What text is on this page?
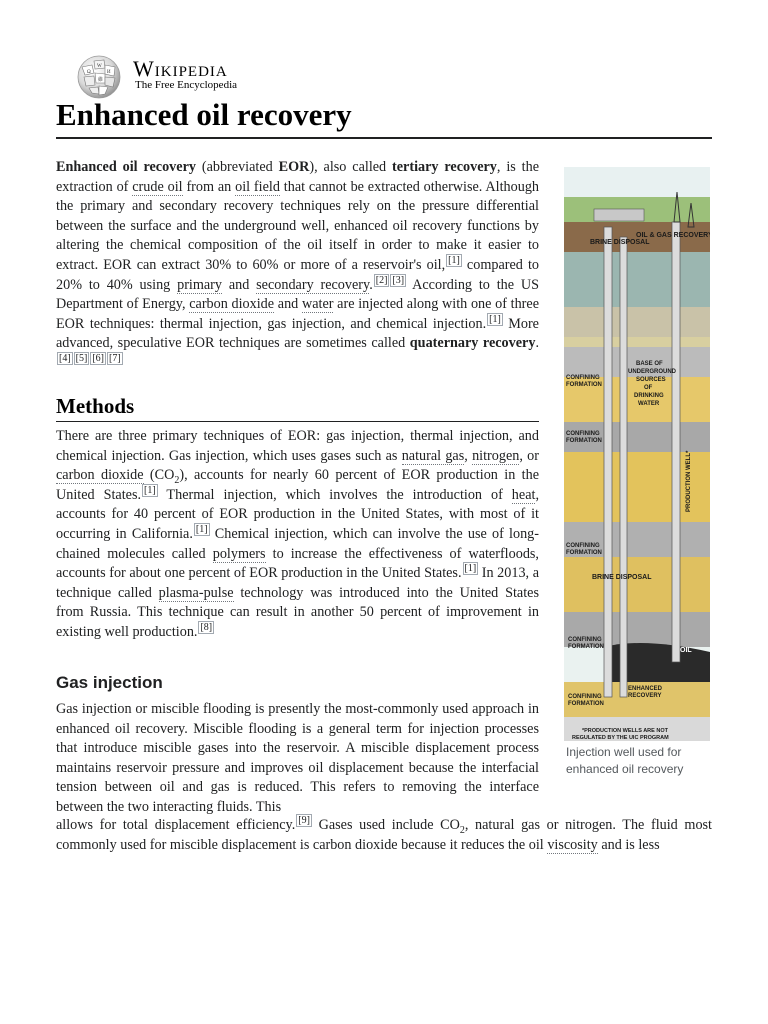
Ω
W
И
維 Wikipedia
The Free Encyclopedia
Enhanced oil recovery

Enhanced oil recovery (abbreviated EOR), also called tertiary recovery, is the extraction of crude oil from an oil field that cannot be extracted otherwise. Although the primary and secondary recovery techniques rely on the pressure differential between the surface and the underground well, enhanced oil recovery functions by altering the chemical composition of the oil itself in order to make it easier to extract. EOR can extract 30% to 60% or more of a reservoir's oil, [1] compared to 20% to 40% using primary and secondary recovery. [2] [3] According to the US Department of Energy, carbon dioxide and water are injected along with one of three EOR techniques: thermal injection, gas injection, and chemical injection. [1] More advanced, speculative EOR techniques are sometimes called quaternary recovery.[4] [5] [6] [7]

Methods

There are three primary techniques of EOR: gas injection, thermal injection, and chemical injection. Gas injection, which uses gases such as natural gas, nitrogen, or carbon dioxide $(CO_2)$, accounts for nearly 60 percent of EOR production in the United States. [1] Thermal injection, which involves the introduction of heat, accounts for 40 percent of EOR production in the United States, with most of it occurring in California. [1] Chemical injection, which can involve the use of long-chained molecules called polymers to increase the effectiveness of waterfloods, accounts for about one percent of EOR production in the United States. [1] In 2013, a technique called plasma-pulse technology was introduced into the United States from Russia. This technique can result in another 50 percent of improvement in existing well production. [8]

Gas injection

Gas injection or miscible flooding is presently the most-commonly used approach in enhanced oil recovery. Miscible flooding is a general term for injection processes that introduce miscible gases into the reservoir. A miscible displacement process maintains reservoir pressure and improves oil displacement because the interfacial tension between oil and gas is reduced. This refers to removing the interface between the two interacting fluids. This

allows for total displacement efficiency. [9] Gases used include $CO_2$, natural gas or nitrogen. The fluid most commonly used for miscible displacement is carbon dioxide because it reduces the oil viscosity and is less

BRINE DISPOSAL
OIL & GAS RECOVERY
BASE OF
UNDERGROUND
SOURCES
OF
DRINKING
WATER
CONFINING
FORMATION
CONFINING
FORMATION
CONFINING
FORMATION
BRINE DISPOSAL
CONFINING
FORMATION
CONFINING
FORMATION
PRODUCTION WELL*
OIL
ENHANCED
RECOVERY
*PRODUCTION WELLS ARE NOT
REGULATED BY THE UIC PROGRAM
Injection well used for enhanced oil recovery
